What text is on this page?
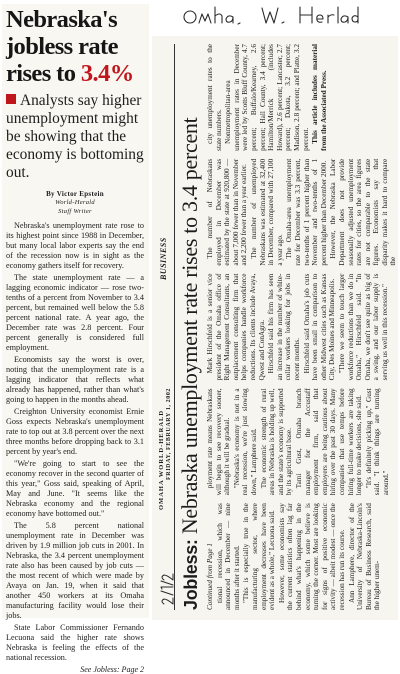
Nebraska's
jobless rate
rises to 3.4%
Analysts say higher unemployment might be showing that the economy is bottoming out.
By Victor Epstein
World-Herald
Staff Writer

Nebraska's unemployment rate rose to its highest point since 1988 in December, but many local labor experts say the end of the recession now is in sight as the economy gathers itself for recovery.

The state unemployment rate — a lagging economic indicator — rose two-tenths of a percent from November to 3.4 percent, but remained well below the 5.8 percent national rate. A year ago, the December rate was 2.8 percent. Four percent generally is considered full employment.

Economists say the worst is over, noting that the unemployment rate is a lagging indicator that reflects what already has happened, rather than what's going to happen in the months ahead.

Creighton University economist Ernie Goss expects Nebraska's unemployment rate to top out at 3.8 percent over the next three months before dropping back to 3.1 percent by year's end.

"We're going to start to see the economy recover in the second quarter of this year," Goss said, speaking of April, May and June. "It seems like the Nebraska economy and the regional economy have bottomed out."

The 5.8 percent national unemployment rate in December was driven by 1.9 million job cuts in 2001. In Nebraska, the 3.4 percent unemployment rate also has been caused by job cuts — the most recent of which were made by Avaya on Jan. 19, when it said that another 450 workers at its Omaha manufacturing facility would lose their jobs.

State Labor Commissioner Fernando Lecuona said the higher rate shows Nebraska is feeling the effects of the national recession.

See Jobless: Page 2
OMAHA WORLD-HERALD FRIDAY, FEBRUARY 1, 2002
BUSINESS
Jobless: Nebraska unemployment rate rises to 3.4 percent

Continued from Page 1 tional recession, which was announced in December — nine months after it started. "This is especially true in the manufacturing sector, where employment decreases have been evident as a whole," Lecuona said. However, some economists say the current statistics often lag far behind what's happening in the economy, which some believe is turning the corner. Most are looking for signs of positive economic activity — albeit modest — once the recession has run its course. Ann Lamphere, director of the University of Nebraska-Lincoln's Bureau of Business Research, said the higher unem-

ployment rate means Nebraskans will begin to see recovery sooner, although it will be gradual. "Nebraska's economy is not in a real recession, we're just slowing down," Lamphere said. The economic strength of rural areas in Nebraska is holding up well, and the state's economy is supported by its agricultural base. Tami Gust, Omaha branch manager for the Accustaff employment firm, said that employers are being cautious about hiring over the past 30 days. Many companies that use temps before hiring full-time workers are taking longer to make decisions, she said. "It's definitely picking up," Gust said. "I think things are turning around."

Mark Hirschfeld is a senior vice president of the Omaha office of Right Management Consultants, an outplacement consulting firm that helps companies handle workforce reductions. Its clients include Avaya, Qwest and ConAgra. Hirschfeld said his firm has seen an increase in the number of white-collar workers looking for jobs in recent months. Hirschfeld said Omaha's job cuts have been small in comparison to other Midwest cities such as Kansas City, Des Moines and Minneapolis. "There we seem to touch larger workforce reductions than we do in Omaha," Hirschfeld said. "In Omaha, we don't see quite as big of a swing, and our labor supply is serving us well in this recession."

The number of Nebraskans employed in December was estimated by the state at 920,800 — about 7,000 fewer than in November and 2,200 fewer than a year earlier. The number of unemployed Nebraskans was estimated at 32,400 in December, compared with 27,100 a year ago. The Omaha-area unemployment rate for December was 3.3 percent, two-tenths of 1 percent higher than November and two-tenths of 1 percent higher than December 2000. However, the Nebraska Labor Department does not provide seasonally adjusted unemployment rates for cities, so the area figures are not comparable to the state figures. Economists say that disparity makes it hard to compare the

city unemployment rates to the state numbers. Nonmetropolitan-area unemployment rates in December were led by Scotts Bluff County, 4.7 percent; Buffalo/Kearney, 2.6 percent; Hall County, 3.4 percent; Hamilton/Merrick (includes Howard), 2.6 percent; Lancaster, 2.7 percent; Dakota, 3.2 percent; Madison, 2.8 percent; and Platte, 3.2 percent. This article includes material from the Associated Press.
